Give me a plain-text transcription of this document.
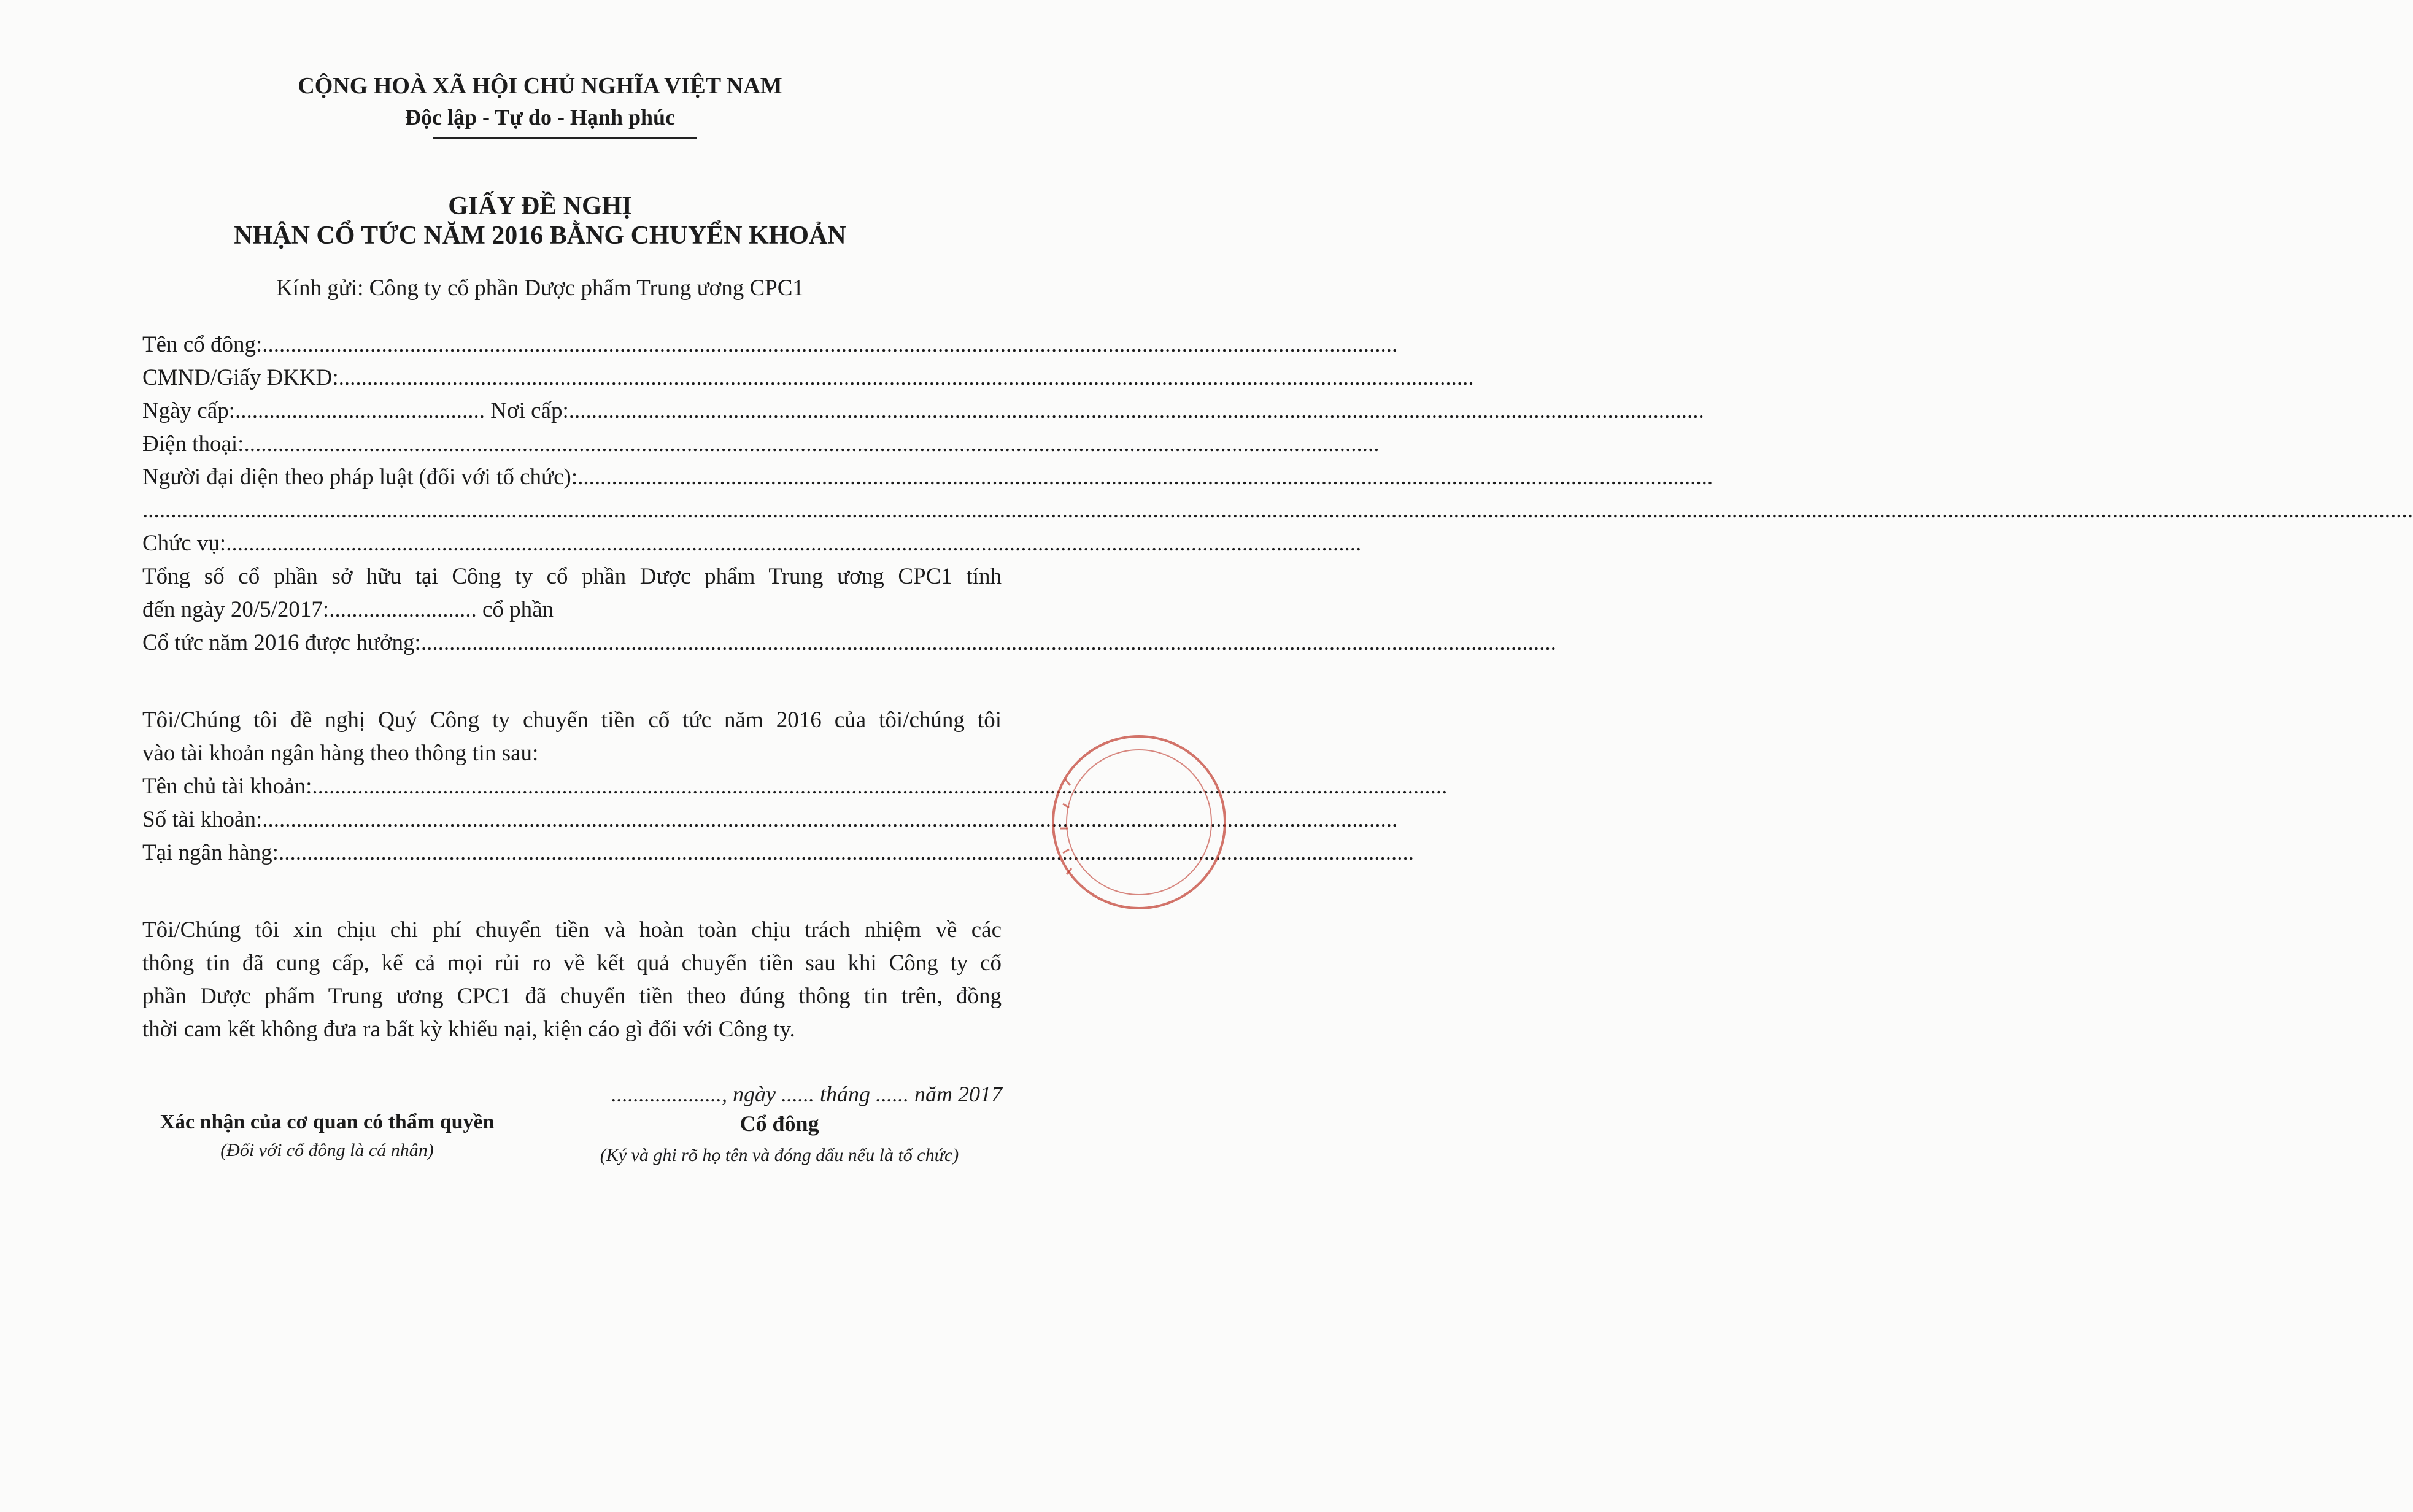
CỘNG HOÀ XÃ HỘI CHỦ NGHĨA VIỆT NAM
Độc lập - Tự do - Hạnh phúc
GIẤY ĐỀ NGHỊ
NHẬN CỔ TỨC NĂM 2016 BẰNG CHUYỂN KHOẢN
Kính gửi: Công ty cổ phần Dược phẩm Trung ương CPC1
Tên cổ đông:........................................................................................................................................................................................................
CMND/Giấy ĐKKD:........................................................................................................................................................................................................
Ngày cấp:............................................ Nơi cấp:........................................................................................................................................................................................................
Điện thoại:........................................................................................................................................................................................................
Người đại diện theo pháp luật (đối với tổ chức):........................................................................................................................................................................................................
................................................................................................................................................................................................................................................................................................................................................................................................................
Chức vụ:........................................................................................................................................................................................................
Tổng số cổ phần sở hữu tại Công ty cổ phần Dược phẩm Trung ương CPC1 tính
đến ngày 20/5/2017:.......................... cổ phần
Cổ tức năm 2016 được hưởng:........................................................................................................................................................................................................
Tôi/Chúng tôi đề nghị Quý Công ty chuyển tiền cổ tức năm 2016 của tôi/chúng tôi
vào tài khoản ngân hàng theo thông tin sau:
Tên chủ tài khoản:........................................................................................................................................................................................................
Số tài khoản:........................................................................................................................................................................................................
Tại ngân hàng:........................................................................................................................................................................................................
Tôi/Chúng tôi xin chịu chi phí chuyển tiền và hoàn toàn chịu trách nhiệm về các
thông tin đã cung cấp, kể cả mọi rủi ro về kết quả chuyển tiền sau khi Công ty cổ
phần Dược phẩm Trung ương CPC1 đã chuyển tiền theo đúng thông tin trên, đồng
thời cam kết không đưa ra bất kỳ khiếu nại, kiện cáo gì đối với Công ty.
...................., ngày ...... tháng ...... năm 2017
Xác nhận của cơ quan có thẩm quyền
(Đối với cổ đông là cá nhân)
Cổ đông
(Ký và ghi rõ họ tên và đóng dấu nếu là tổ chức)
